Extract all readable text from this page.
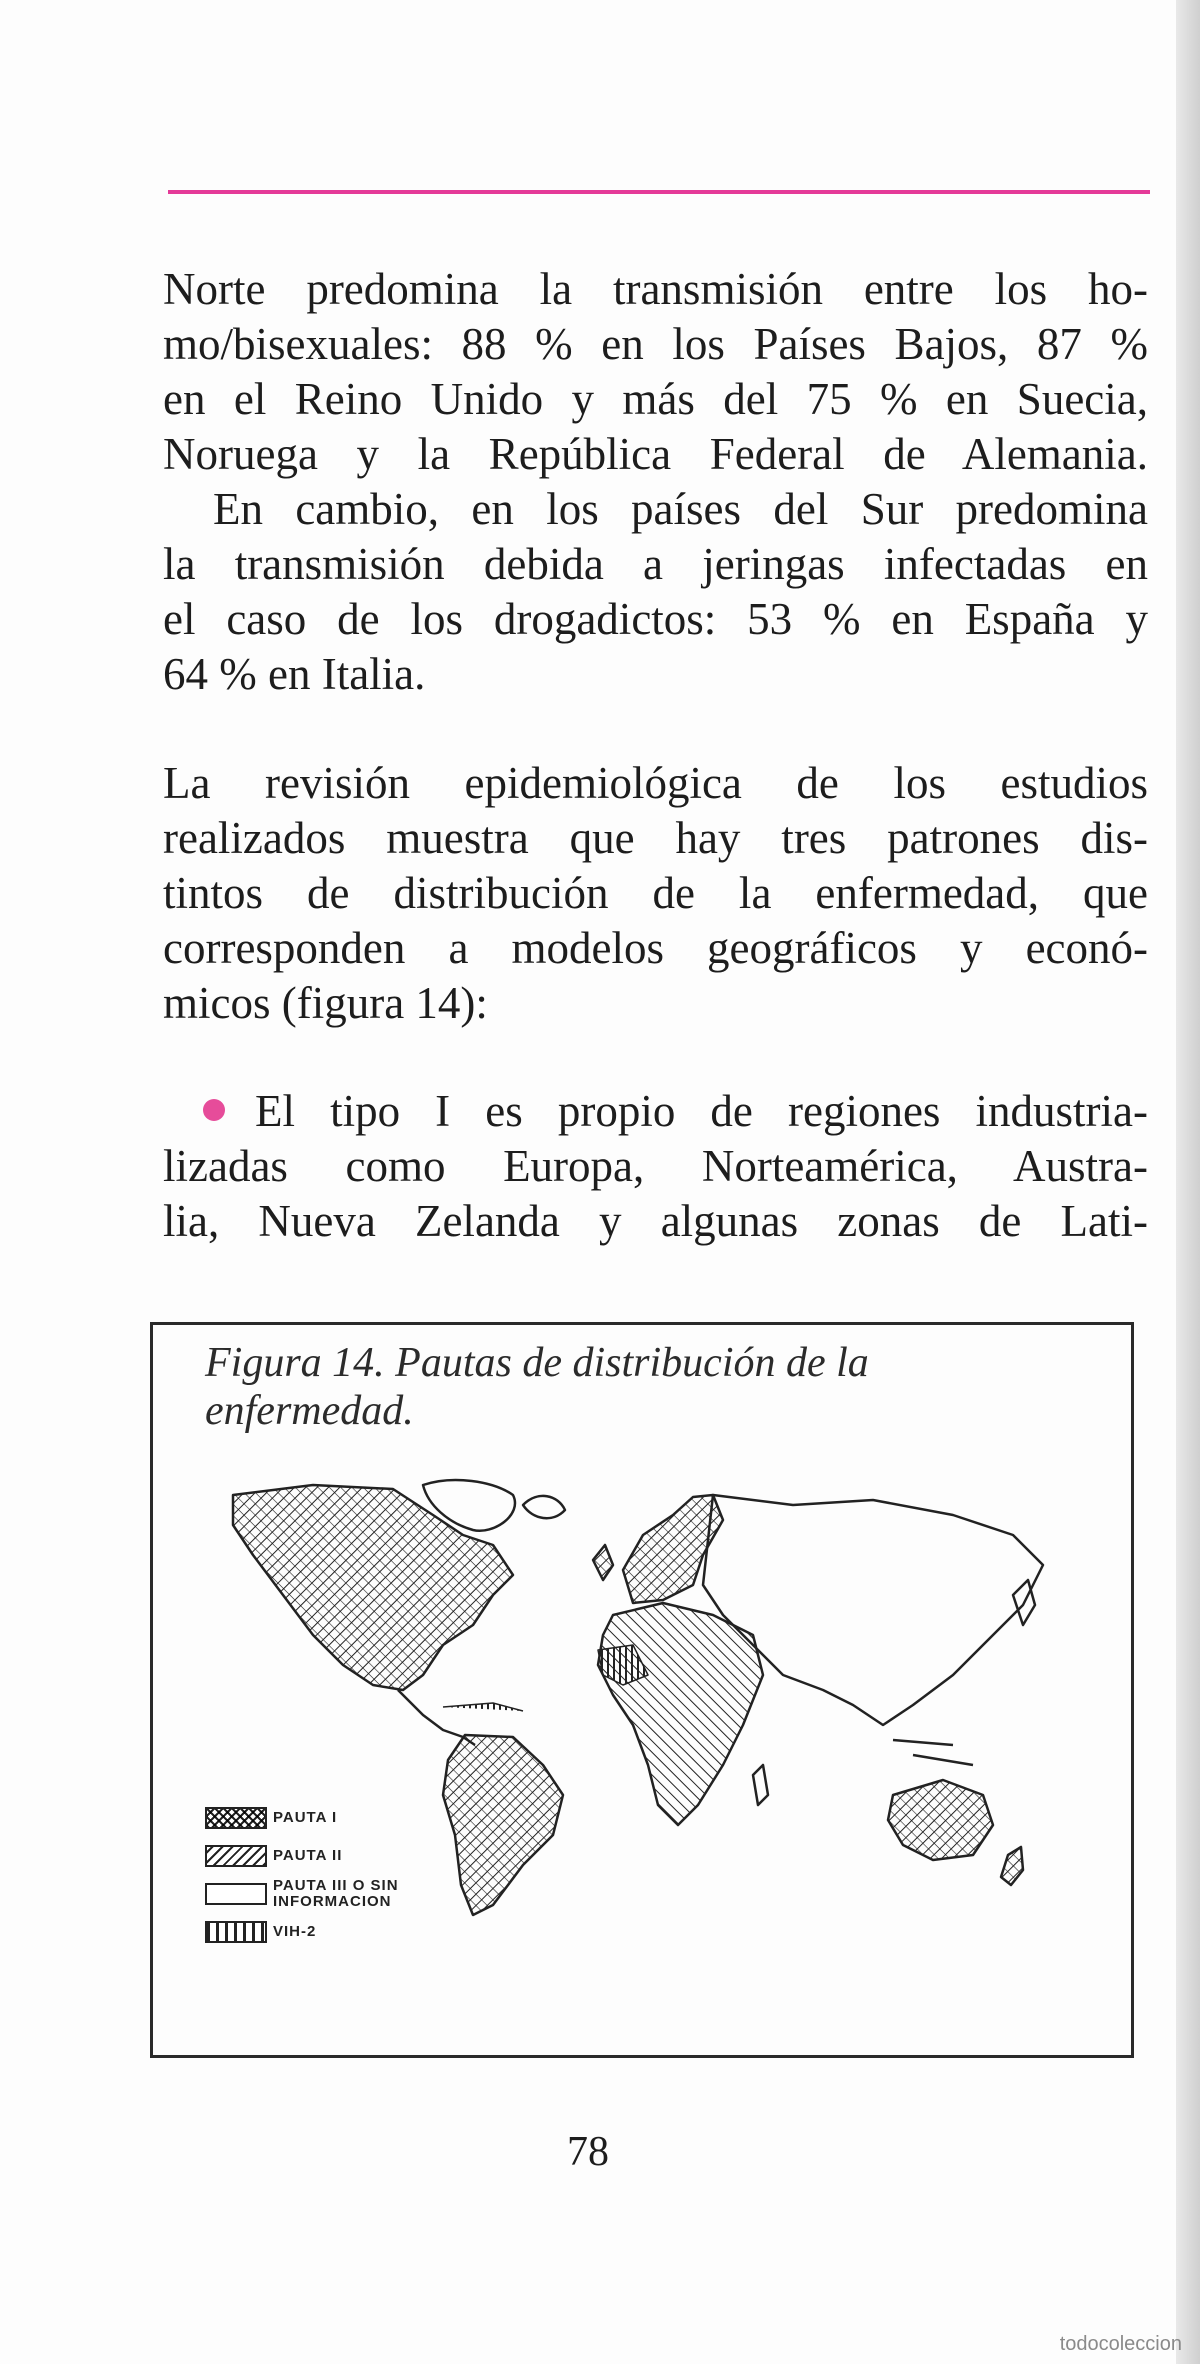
Norte predomina la transmisión entre los ho-
mo/bisexuales: 88 % en los Países Bajos, 87 %
en el Reino Unido y más del 75 % en Suecia,
Noruega y la República Federal de Alemania.
En cambio, en los países del Sur predomina
la transmisión debida a jeringas infectadas en
el caso de los drogadictos: 53 % en España y
64 % en Italia.
La revisión epidemiológica de los estudios
realizados muestra que hay tres patrones dis-
tintos de distribución de la enfermedad, que
corresponden a modelos geográficos y econó-
micos (figura 14):
El tipo I es propio de regiones industria-
lizadas como Europa, Norteamérica, Austra-
lia, Nueva Zelanda y algunas zonas de Lati-
Figura 14. Pautas de distribución de la
enfermedad.
PAUTA I
PAUTA II
PAUTA III O SIN
INFORMACION
VIH-2
78
todocoleccion
